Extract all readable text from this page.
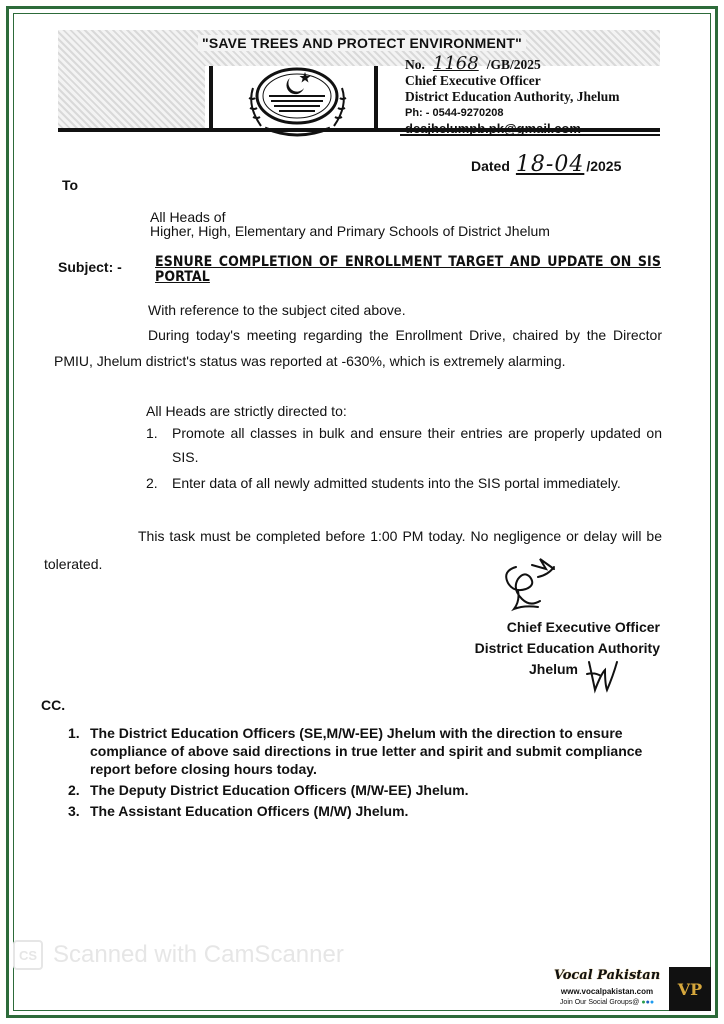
"SAVE TREES AND PROTECT ENVIRONMENT"
No. 1168 /GB/2025
Chief Executive Officer
District Education Authority, Jhelum
Ph: - 0544-9270208
deajhelumpb.pk@gmail.com
Dated 18-04 /2025
To
All Heads of
Higher, High, Elementary and Primary Schools of District Jhelum
Subject: - ESNURE COMPLETION OF ENROLLMENT TARGET AND UPDATE ON SIS PORTAL
With reference to the subject cited above.
During today's meeting regarding the Enrollment Drive, chaired by the Director PMIU, Jhelum district's status was reported at -630%, which is extremely alarming.
All Heads are strictly directed to:
1.	Promote all classes in bulk and ensure their entries are properly updated on SIS.
2.	Enter data of all newly admitted students into the SIS portal immediately.
This task must be completed before 1:00 PM today. No negligence or delay will be tolerated.
Chief Executive Officer
District Education Authority
Jhelum
CC.
1. The District Education Officers (SE,M/W-EE) Jhelum with the direction to ensure compliance of above said directions in true letter and spirit and submit compliance report before closing hours today.
2. The Deputy District Education Officers (M/W-EE) Jhelum.
3. The Assistant Education Officers (M/W) Jhelum.
CS Scanned with CamScanner
Vocal Pakistan
www.vocalpakistan.com
Join Our Social Groups@ ●●●
VP
